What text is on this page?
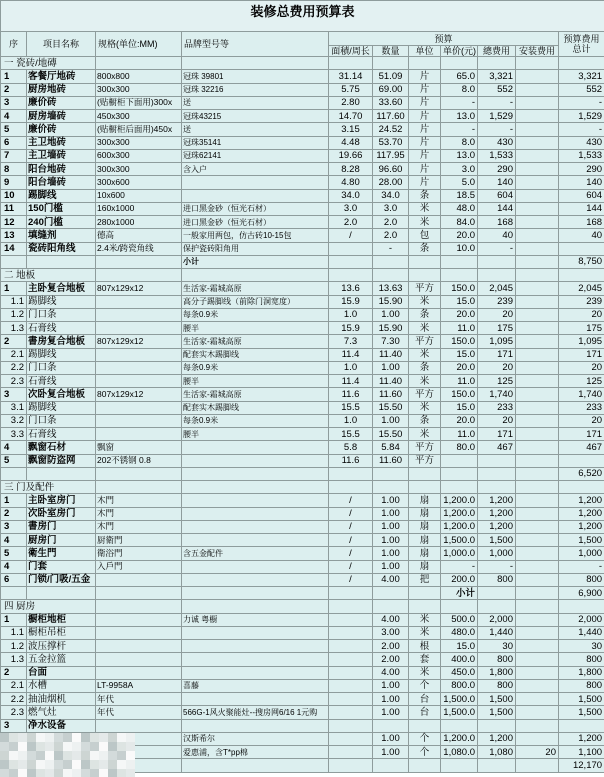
装修总费用预算表										
序	项目名称	规格(单位:MM)	品牌型号等	预算						预算费用总计
				面積/周长	数量	单位	单价(元)	總费用	安装费用	
一 瓷砖/地磚										
1	客餐厅地砖	800x800	冠珠 39801	31.14	51.09	片	65.0	3,321		3,321
2	厨房地砖	300x300	冠珠 32216	5.75	69.00	片	8.0	552		552
3	廉价砖	(贴橱柜下面用)300x	送	2.80	33.60	片	-	-		-
4	厨房墙砖	450x300	冠珠43215	14.70	117.60	片	13.0	1,529		1,529
5	廉价砖	(贴橱柜后面用)450x	送	3.15	24.52	片	-	-		-
6	主卫地砖	300x300	冠珠35141	4.48	53.70	片	8.0	430		430
7	主卫墙砖	600x300	冠珠62141	19.66	117.95	片	13.0	1,533		1,533
8	阳台地砖	300x300	含入户	8.28	96.60	片	3.0	290		290
9	阳台墙砖	300x600		4.80	28.00	片	5.0	140		140
10	踢脚线	10x600		34.0	34.0	条	18.5	604		604
11	150门槛	160x1000	进口黑金砂（恒光石材）	3.0	3.0	米	48.0	144		144
12	240门槛	280x1000	进口黑金砂（恒光石材）	2.0	2.0	米	84.0	168		168
13	填缝剂	德高	一般家用两包，仿古砖10-15包	/	2.0	包	20.0	40		40
14	瓷砖阳角线	2.4米/跨瓷角线	保护瓷砖阳角用		-	条	10.0	-		
			小计							8,750
二 地板										
1	主卧复合地板	807x129x12	生活家-霜城高原	13.6	13.63	平方	150.0	2,045		2,045
1.1	踢脚线		高分子踢脚线（前除门洞宽度）	15.9	15.90	米	15.0	239		239
1.2	门口条		每条0.9米	1.0	1.00	条	20.0	20		20
1.3	石膏线		腰半	15.9	15.90	米	11.0	175		175
2	書房复合地板	807x129x12	生活家-霜城高原	7.3	7.30	平方	150.0	1,095		1,095
2.1	踢脚线		配套实木踢脚线	11.4	11.40	米	15.0	171		171
2.2	门口条		每条0.9米	1.0	1.00	条	20.0	20		20
2.3	石膏线		腰半	11.4	11.40	米	11.0	125		125
3	次卧复合地板	807x129x12	生活家-霜城高原	11.6	11.60	平方	150.0	1,740		1,740
3.1	踢脚线		配套实木踢脚线	15.5	15.50	米	15.0	233		233
3.2	门口条		每条0.9米	1.0	1.00	条	20.0	20		20
3.3	石膏线		腰半	15.5	15.50	米	11.0	171		171
4	飘窗石材	飘窗		5.8	5.84	平方	80.0	467		467
5	飘窗防盗网	202不锈钢 0.8		11.6	11.60	平方				
										6,520
三 门及配件										
1	主卧室房门	木門		/	1.00	扇	1,200.0	1,200		1,200
2	次卧室房门	木門		/	1.00	扇	1,200.0	1,200		1,200
3	書房门	木門		/	1.00	扇	1,200.0	1,200		1,200
4	厨房门	厨衛門		/	1.00	扇	1,500.0	1,500		1,500
5	衛生門	衛浴門	含五金配件	/	1.00	扇	1,000.0	1,000		1,000
4	门套	入戶門		/	1.00	扇	-	-		-
6	门锁/门吸/五金			/	4.00	把	200.0	800		800
							小计			6,900
四 厨房										
1	橱柜地柜		力诚 粤橱		4.00	米	500.0	2,000		2,000
1.1	橱柜吊柜				3.00	米	480.0	1,440		1,440
1.2	波压撑杆				2.00	根	15.0	30		30
1.3	五金拉篮				2.00	套	400.0	800		800
2	台面				4.00	米	450.0	1,800		1,800
2.1	水槽	LT-9958A	喜藤		1.00	个	800.0	800		800
2.2	抽油烟机	年代			1.00	台	1,500.0	1,500		1,500
2.3	燃气灶	年代	566G-1风火聚能灶--搜房网6/16 1元购		1.00	台	1,500.0	1,500		1,500
3	净水设备									
			汉斯希尔		1.00	个	1,200.0	1,200		1,200
			爱惠浦，含T*pp棉		1.00	个	1,080.0	1,080	20	1,100
										12,170
